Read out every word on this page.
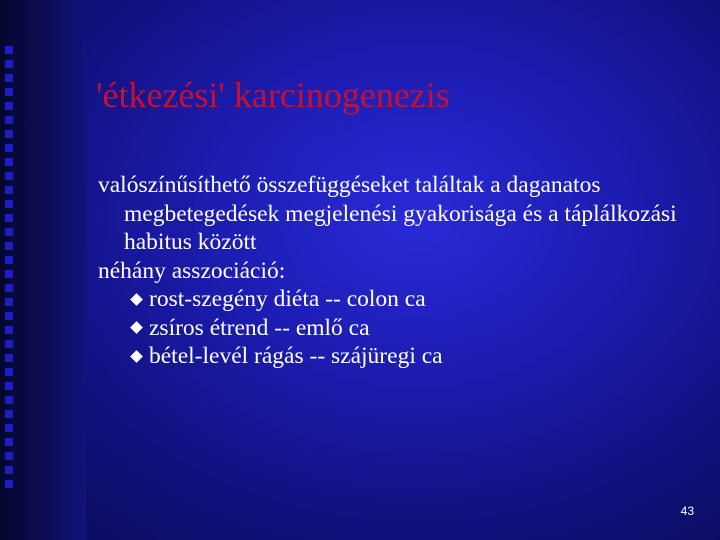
'étkezési' karcinogenezis
valószínűsíthető összefüggéseket találtak a daganatos megbetegedések megjelenési gyakorisága és a táplálkozási habitus között
néhány asszociáció:
rost-szegény diéta -- colon ca
zsíros étrend -- emlő ca
bétel-levél rágás -- szájüregi ca
43
